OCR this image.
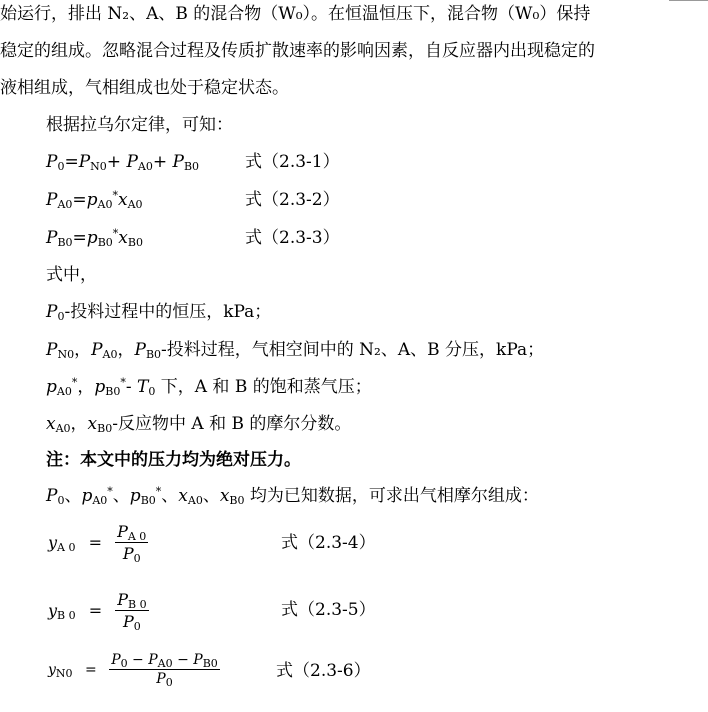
始运行，排出 N₂、A、B 的混合物（W₀）。在恒温恒压下，混合物（W₀）保持
稳定的组成。忽略混合过程及传质扩散速率的影响因素，自反应器内出现稳定的
液相组成，气相组成也处于稳定状态。
根据拉乌尔定律，可知：
$P_0=P_{N0}+ P_{A0}+ P_{B0}$	式（2.3-1）
$P_{A0}=p_{A0}^*x_{A0}$	式（2.3-2）
$P_{B0}=p_{B0}^*x_{B0}$	式（2.3-3）
式中，
$P_0-$投料过程中的恒压，kPa；
$P_{N0}$，$P_{A0}$，$P_{B0}-$投料过程，气相空间中的 N₂、A、B 分压，kPa；
$p_{A0}^*$，$p_{B0}^*-$ $T_0$ 下，A 和 B 的饱和蒸气压；
$x_{A0}$，$x_{B0}-$反应物中 A 和 B 的摩尔分数。
注：本文中的压力均为绝对压力。
$P_0$、$p_{A0}^*$、$p_{B0}^*$、$x_{A0}$、$x_{B0}$ 均为已知数据，可求出气相摩尔组成：
$y_{A 0} = \frac{P_{A 0}}{P_0}$	式（2.3-4）
$y_{B 0} = \frac{P_{B 0}}{P_0}$	式（2.3-5）
$y_{N0} = \frac{P_0 - P_{A0} - P_{B0}}{P_0}$	式（2.3-6）
